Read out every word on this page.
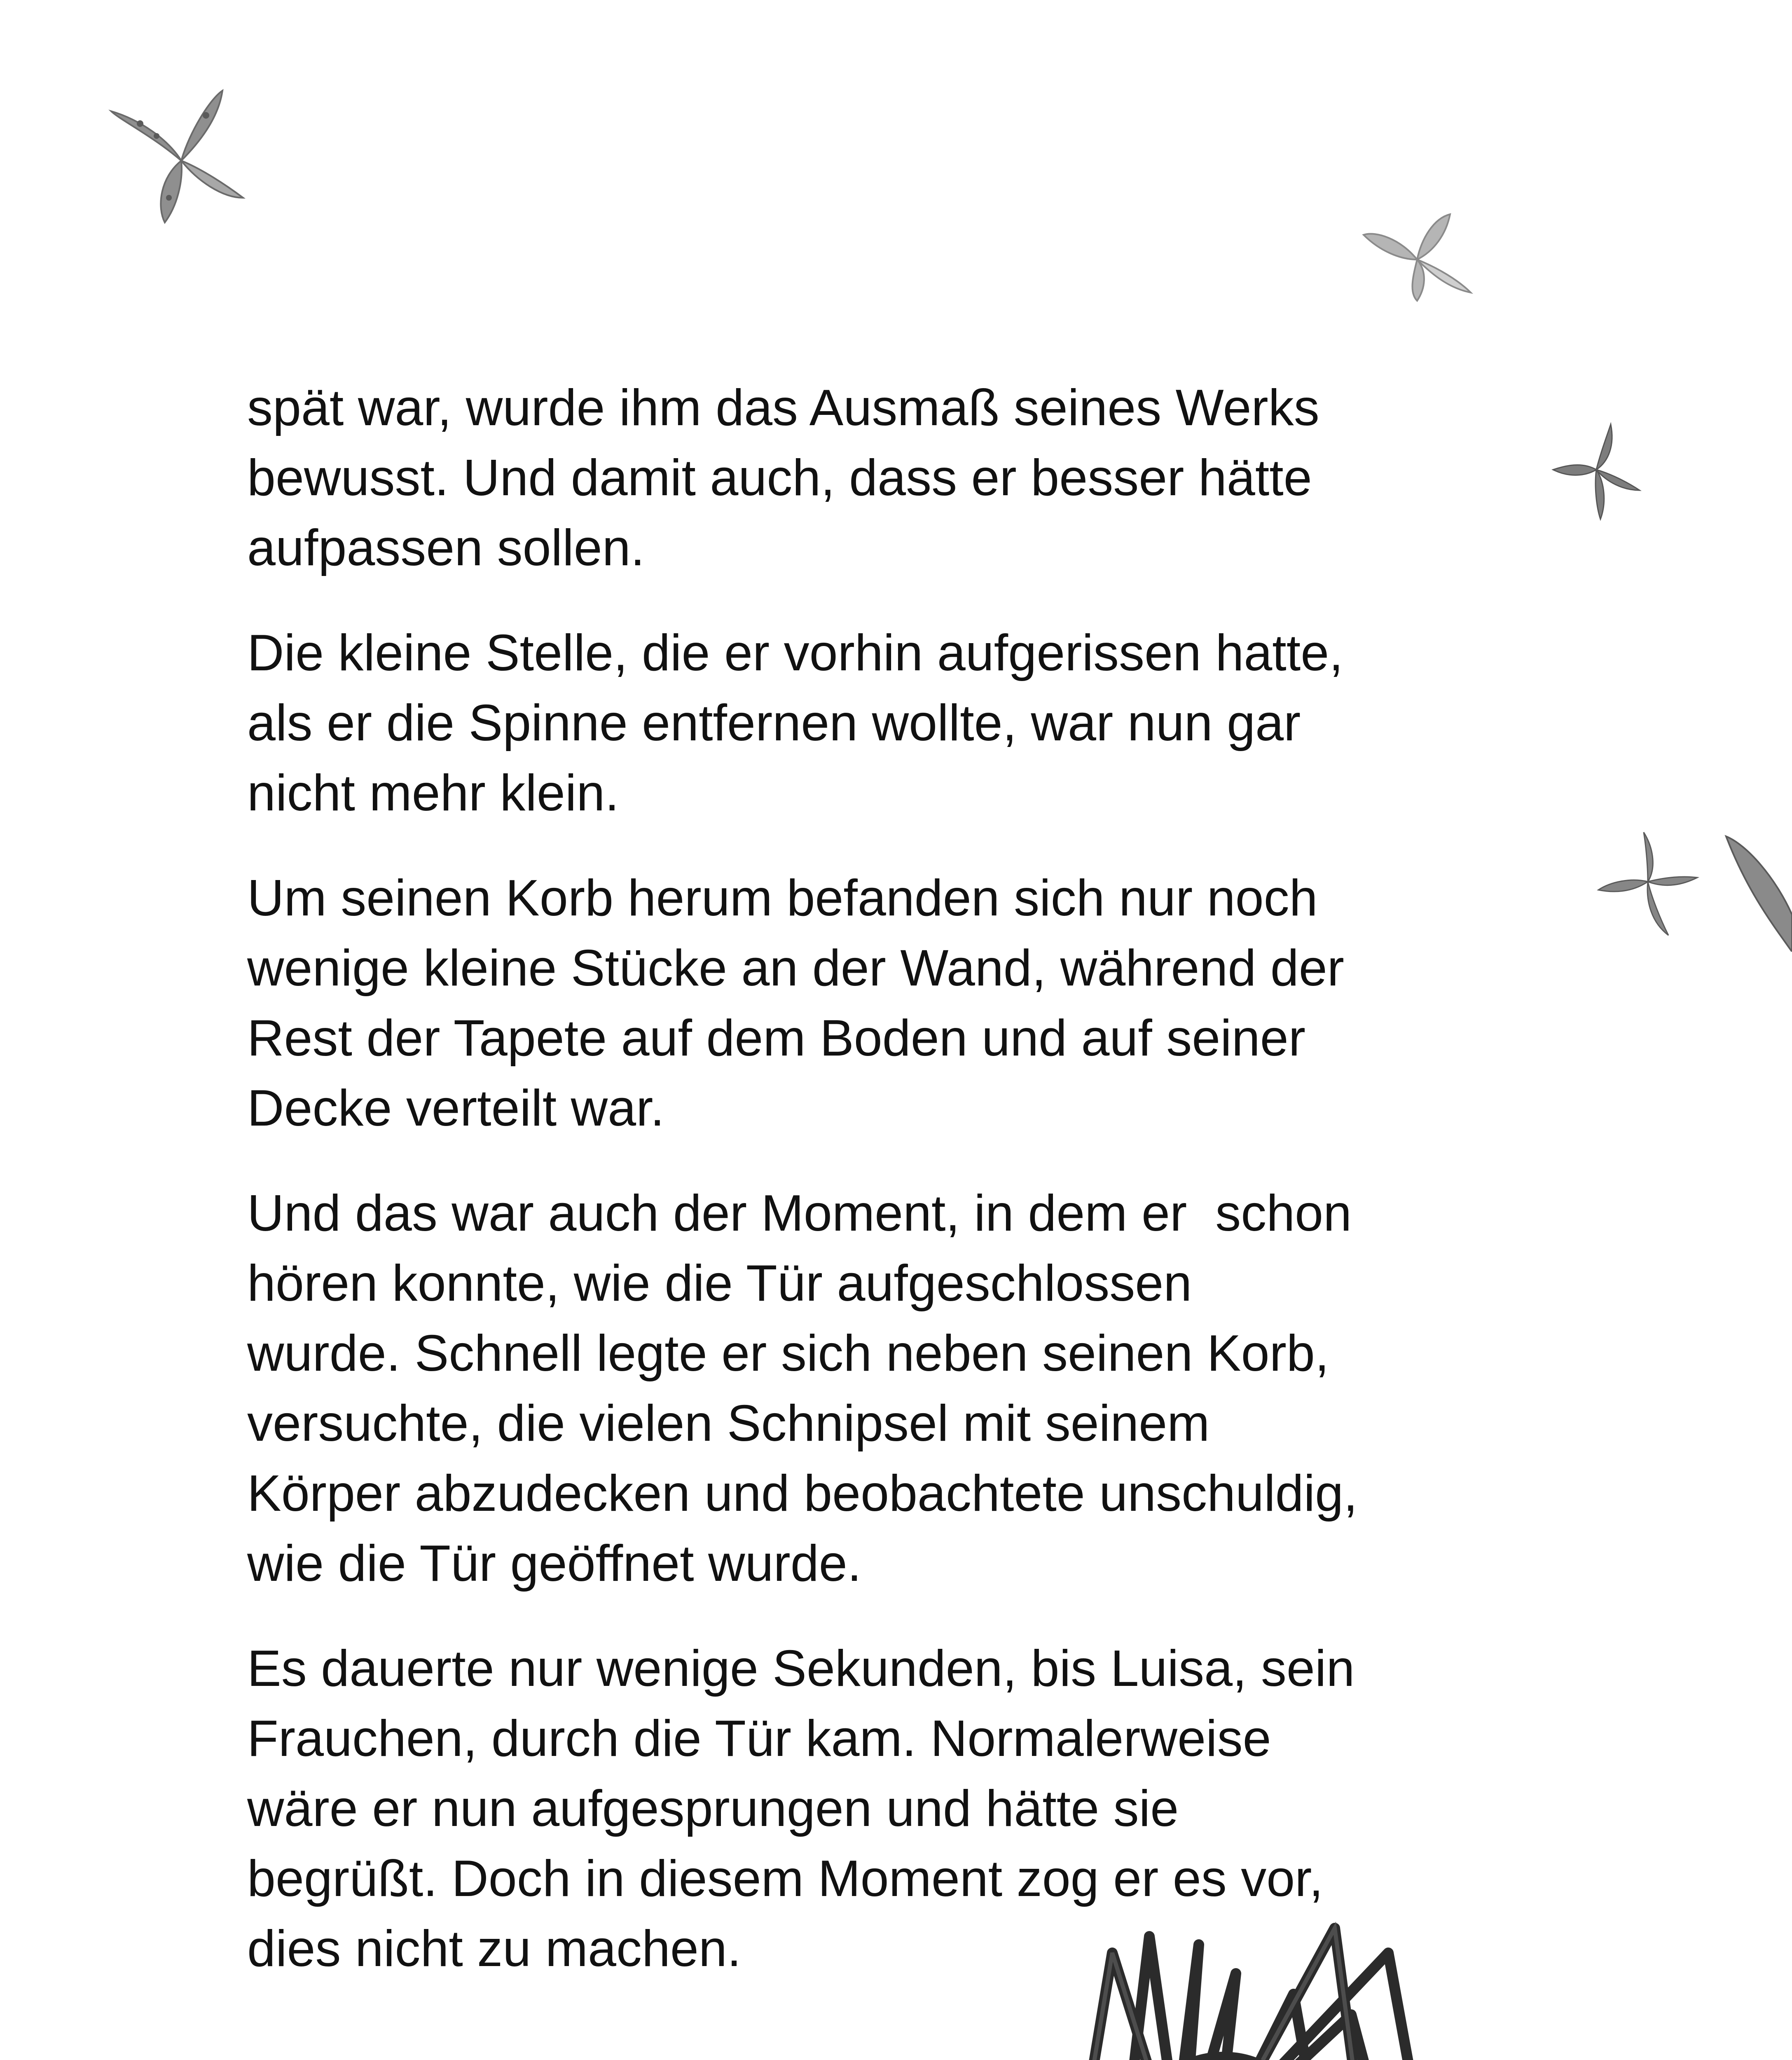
spät war, wurde ihm das Ausmaß seines Werks
bewusst. Und damit auch, dass er besser hätte
aufpassen sollen.

Die kleine Stelle, die er vorhin aufgerissen hatte,
als er die Spinne entfernen wollte, war nun gar
nicht mehr klein.

Um seinen Korb herum befanden sich nur noch
wenige kleine Stücke an der Wand, während der
Rest der Tapete auf dem Boden und auf seiner
Decke verteilt war.

Und das war auch der Moment, in dem er  schon
hören konnte, wie die Tür aufgeschlossen
wurde. Schnell legte er sich neben seinen Korb,
versuchte, die vielen Schnipsel mit seinem
Körper abzudecken und beobachtete unschuldig,
wie die Tür geöffnet wurde.

Es dauerte nur wenige Sekunden, bis Luisa, sein
Frauchen, durch die Tür kam. Normalerweise
wäre er nun aufgesprungen und hätte sie
begrüßt. Doch in diesem Moment zog er es vor,
dies nicht zu machen.
